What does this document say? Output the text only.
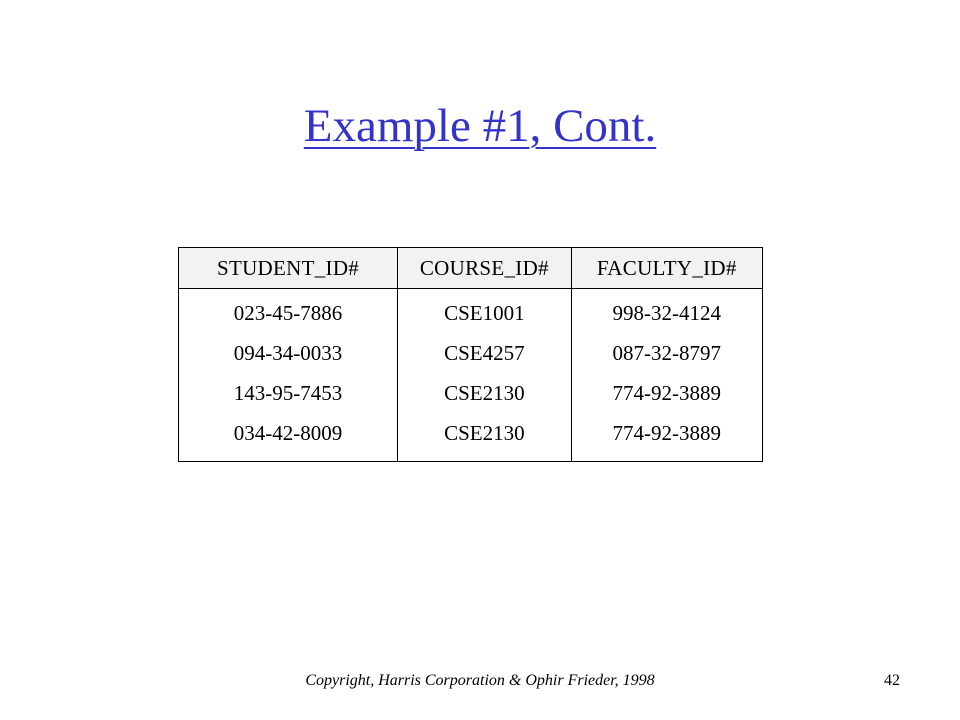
Example #1, Cont.
STUDENT_ID#	COURSE_ID#	FACULTY_ID#
023-45-7886	CSE1001	998-32-4124
094-34-0033	CSE4257	087-32-8797
143-95-7453	CSE2130	774-92-3889
034-42-8009	CSE2130	774-92-3889
Copyright, Harris Corporation & Ophir Frieder, 1998	42
